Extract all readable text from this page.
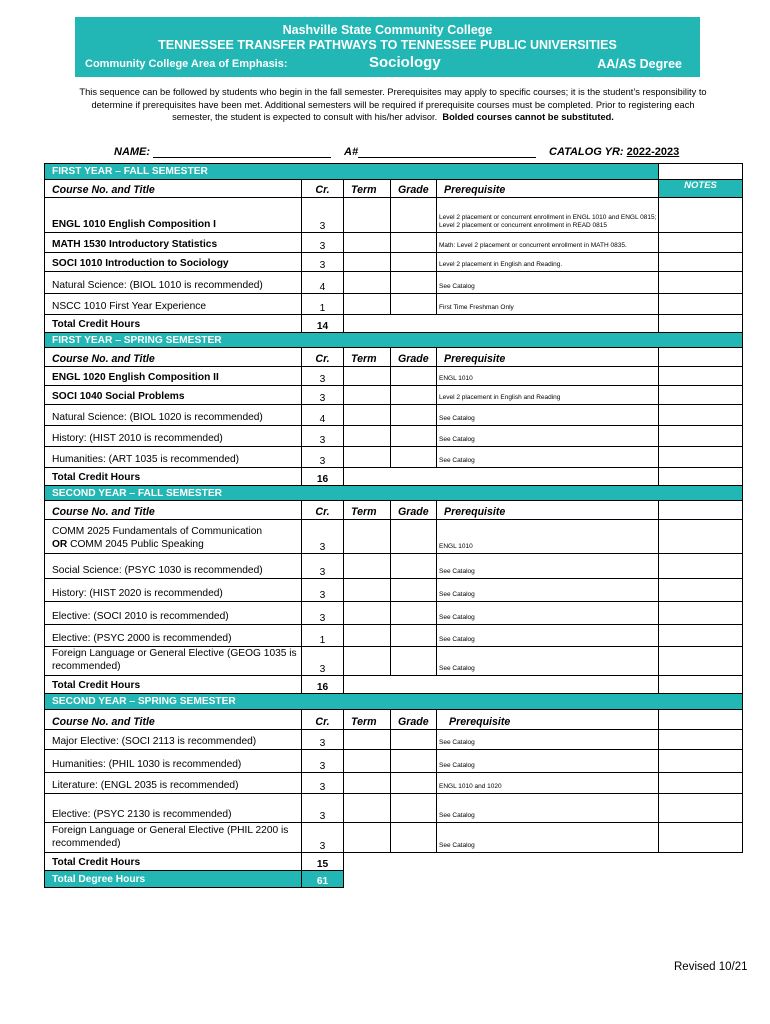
Nashville State Community College
TENNESSEE TRANSFER PATHWAYS TO TENNESSEE PUBLIC UNIVERSITIES
Community College Area of Emphasis:	Sociology	AA/AS Degree
This sequence can be followed by students who begin in the fall semester. Prerequisites may apply to specific courses; it is the student’s responsibility to
determine if prerequisites have been met. Additional semesters will be required if prerequisite courses must be completed. Prior to registering each
semester, the student is expected to consult with his/her advisor. Bolded courses cannot be substituted.
NAME:	A#	CATALOG YR: 2022-2023
FIRST YEAR – FALL SEMESTER					
Course No. and Title	Cr.	Term	Grade	Prerequisite	NOTES
ENGL 1010 English Composition I	3			Level 2 placement or concurrent enrollment in ENGL 1010 and ENGL 0815; Level 2 placement or concurrent enrollment in READ 0815	
MATH 1530 Introductory Statistics	3			Math: Level 2 placement or concurrent enrollment in MATH 0835.	
SOCI 1010 Introduction to Sociology	3			Level 2 placement in English and Reading.	
Natural Science: (BIOL 1010 is recommended)	4			See Catalog	
NSCC 1010 First Year Experience	1			First Time Freshman Only	
Total Credit Hours	14				
FIRST YEAR – SPRING SEMESTER					
Course No. and Title	Cr.	Term	Grade	Prerequisite	
ENGL 1020 English Composition II	3			ENGL 1010	
SOCI 1040 Social Problems	3			Level 2 placement in English and Reading	
Natural Science: (BIOL 1020 is recommended)	4			See Catalog	
History: (HIST 2010 is recommended)	3			See Catalog	
Humanities: (ART 1035 is recommended)	3			See Catalog	
Total Credit Hours	16				
SECOND YEAR – FALL SEMESTER					
Course No. and Title	Cr.	Term	Grade	Prerequisite	

COMM 2025 Fundamentals of Communication
OR COMM 2045 Public Speaking	3			ENGL 1010	
Social Science: (PSYC 1030 is recommended)	3			See Catalog	
History: (HIST 2020 is recommended)	3			See Catalog	
Elective: (SOCI 2010 is recommended)	3			See Catalog	
Elective: (PSYC 2000 is recommended)	1			See Catalog	
Foreign Language or General Elective (GEOG 1035 is recommended)	3			See Catalog	
Total Credit Hours	16				
SECOND YEAR – SPRING SEMESTER					
Course No. and Title	Cr.	Term	Grade	Prerequisite	
Major Elective: (SOCI 2113 is recommended)	3			See Catalog	
Humanities: (PHIL 1030 is recommended)	3			See Catalog	
Literature: (ENGL 2035 is recommended)	3			ENGL 1010 and 1020	
Elective: (PSYC 2130 is recommended)	3			See Catalog	
Foreign Language or General Elective (PHIL 2200 is recommended)	3			See Catalog	
Total Credit Hours	15				
Total Degree Hours	61				
Revised 10/21
